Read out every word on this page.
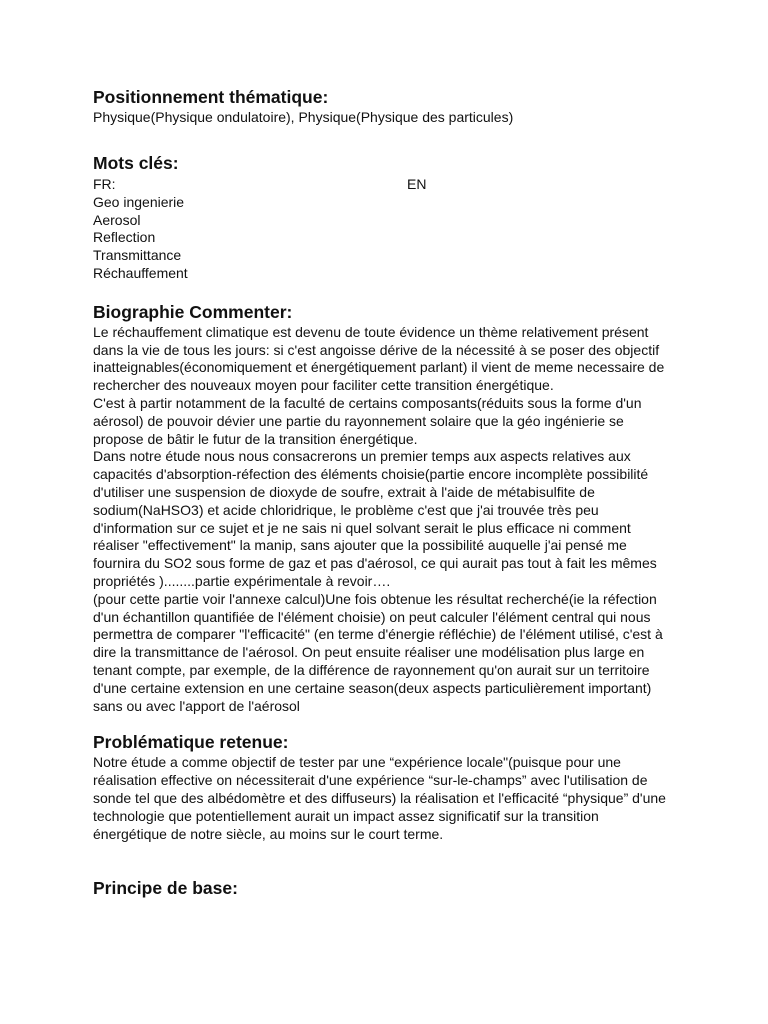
Positionnement thématique:

Physique(Physique ondulatoire), Physique(Physique des particules)

Mots clés:
FR:	EN
Geo ingenierie
Aerosol
Reflection
Transmittance
Réchauffement
Biographie Commenter:
Le réchauffement climatique est devenu de toute évidence un thème relativement présent
dans la vie de tous les jours: si c'est angoisse dérive de la nécessité à se poser des objectif
inatteignables(économiquement et énergétiquement parlant) il vient de meme necessaire de
rechercher des nouveaux moyen pour faciliter cette transition énergétique.
C'est à partir notamment de la faculté de certains composants(réduits sous la forme d'un
aérosol) de pouvoir dévier une partie du rayonnement solaire que la géo ingénierie se
propose de bâtir le futur de la transition énergétique.
Dans notre étude nous nous consacrerons un premier temps aux aspects relatives aux
capacités d'absorption-réfection des éléments choisie(partie encore incomplète possibilité
d'utiliser une suspension de dioxyde de soufre, extrait à l'aide de métabisulfite de
sodium(NaHSO3) et acide chloridrique, le problème c'est que j'ai trouvée très peu
d'information sur ce sujet et je ne sais ni quel solvant serait le plus efficace ni comment
réaliser "effectivement" la manip, sans ajouter que la possibilité auquelle j'ai pensé me
fournira du SO2 sous forme de gaz et pas d'aérosol, ce qui aurait pas tout à fait les mêmes
propriétés )........partie expérimentale à revoir….
(pour cette partie voir l'annexe calcul)Une fois obtenue les résultat recherché(ie la réfection
d'un échantillon quantifiée de l'élément choisie) on peut calculer l'élément central qui nous
permettra de comparer "l'efficacité" (en terme d'énergie réfléchie) de l'élément utilisé, c'est à
dire la transmittance de l'aérosol. On peut ensuite réaliser une modélisation plus large en
tenant compte, par exemple, de la différence de rayonnement qu'on aurait sur un territoire
d'une certaine extension en une certaine season(deux aspects particulièrement important)
sans ou avec l'apport de l'aérosol
Problématique retenue:
Notre étude a comme objectif de tester par une “expérience locale"(puisque pour une
réalisation effective on nécessiterait d'une expérience “sur-le-champs” avec l'utilisation de
sonde tel que des albédomètre et des diffuseurs) la réalisation et l'efficacité “physique” d'une
technologie que potentiellement aurait un impact assez significatif sur la transition
énergétique de notre siècle, au moins sur le court terme.
Principe de base:
